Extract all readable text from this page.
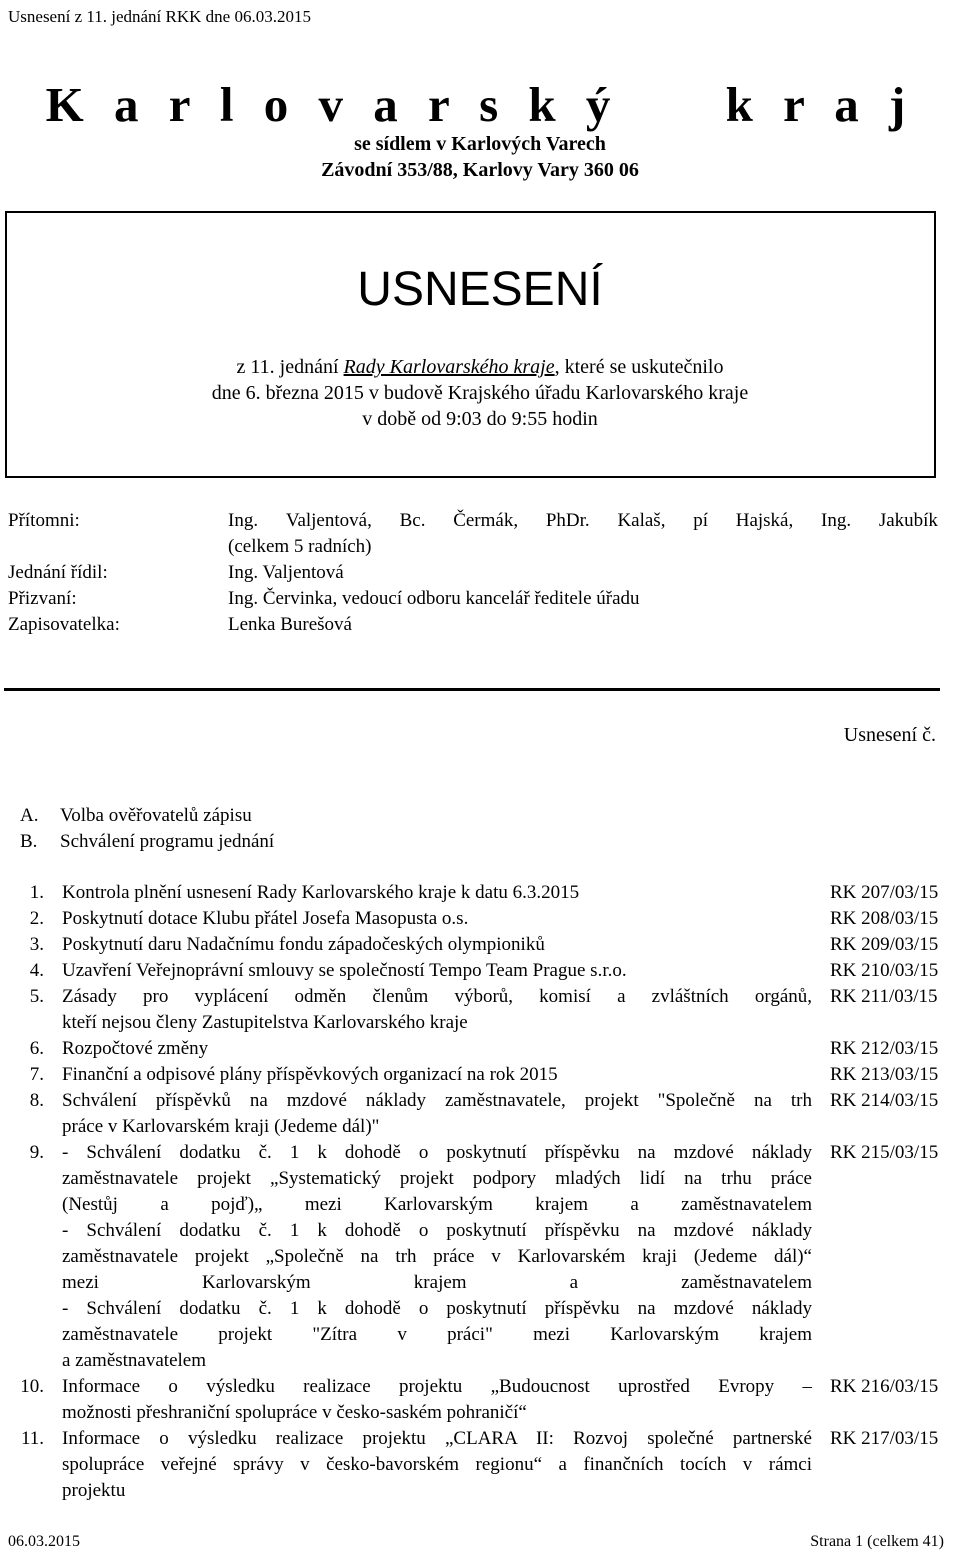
Usnesení z 11. jednání RKK dne 06.03.2015
K a r l o v a r s k ý     k r a j
se sídlem v Karlových Varech
Závodní 353/88, Karlovy Vary 360 06
USNESENÍ
z 11. jednání Rady Karlovarského kraje, které se uskutečnilo
dne 6. března 2015 v budově Krajského úřadu Karlovarského kraje
v době od 9:03 do 9:55 hodin
Přítomni:	Ing. Valjentová, Bc. Čermák, PhDr. Kalaš, pí Hajská, Ing. Jakubík
(celkem 5 radních)
Jednání řídil:	Ing. Valjentová
Přizvaní:	Ing. Červinka, vedoucí odboru kancelář ředitele úřadu
Zapisovatelka:	Lenka Burešová
Usnesení č.
A. Volba ověřovatelů zápisu
B. Schválení programu jednání
1. Kontrola plnění usnesení Rady Karlovarského kraje k datu 6.3.2015	RK 207/03/15
2. Poskytnutí dotace Klubu přátel Josefa Masopusta o.s.	RK 208/03/15
3. Poskytnutí daru Nadačnímu fondu západočeských olympioniků	RK 209/03/15
4. Uzavření Veřejnoprávní smlouvy se společností Tempo Team Prague s.r.o.	RK 210/03/15
5. Zásady pro vyplácení odměn členům výborů, komisí a zvláštních orgánů,
kteří nejsou členy Zastupitelstva Karlovarského kraje
RK 211/03/15
6. Rozpočtové změny	RK 212/03/15
7. Finanční a odpisové plány příspěvkových organizací na rok 2015	RK 213/03/15
8. Schválení příspěvků na mzdové náklady zaměstnavatele, projekt "Společně na trh
práce v Karlovarském kraji (Jedeme dál)"
RK 214/03/15
9. - Schválení dodatku č. 1 k dohodě o poskytnutí příspěvku na mzdové náklady
zaměstnavatele projekt „Systematický projekt podpory mladých lidí na trhu práce
(Nestůj a pojď)„ mezi Karlovarským krajem a zaměstnavatelem
- Schválení dodatku č. 1 k dohodě o poskytnutí příspěvku na mzdové náklady
zaměstnavatele projekt „Společně na trh práce v Karlovarském kraji (Jedeme dál)“
mezi Karlovarským krajem a zaměstnavatelem
- Schválení dodatku č. 1 k dohodě o poskytnutí příspěvku na mzdové náklady
zaměstnavatele projekt "Zítra v práci" mezi Karlovarským krajem
a zaměstnavatelem
RK 215/03/15
10. Informace o výsledku realizace projektu „Budoucnost uprostřed Evropy –
možnosti přeshraniční spolupráce v česko-saském pohraničí“
RK 216/03/15
11. Informace o výsledku realizace projektu „CLARA II: Rozvoj společné partnerské
spolupráce veřejné správy v česko-bavorském regionu“ a finančních tocích v rámci
projektu
RK 217/03/15
06.03.2015	Strana 1 (celkem 41)
